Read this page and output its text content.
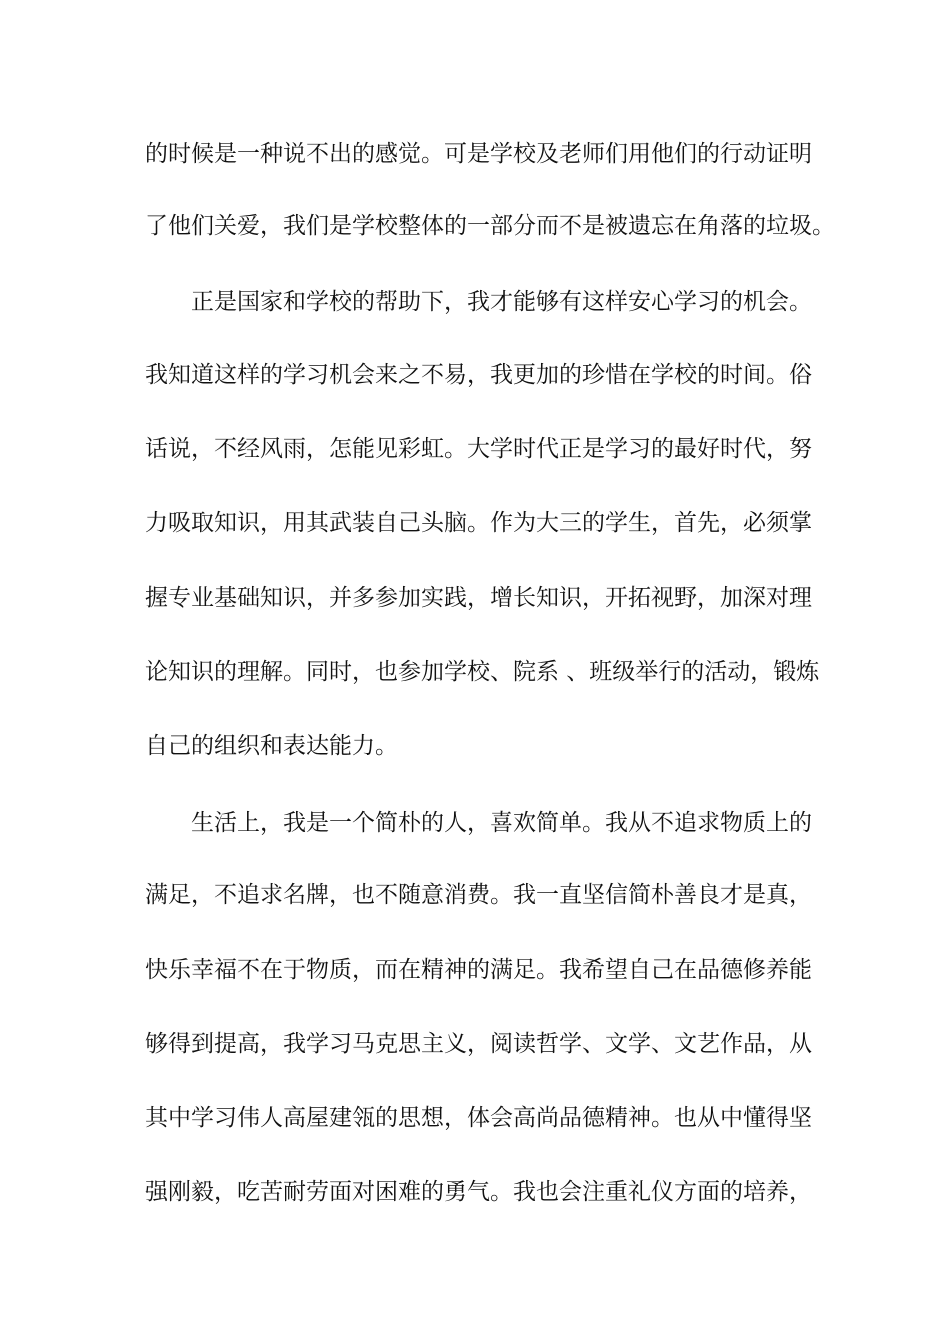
的时候是一种说不出的感觉。可是学校及老师们用他们的行动证明
了他们关爱，我们是学校整体的一部分而不是被遗忘在角落的垃圾。
正是国家和学校的帮助下，我才能够有这样安心学习的机会。
我知道这样的学习机会来之不易，我更加的珍惜在学校的时间。俗
话说，不经风雨，怎能见彩虹。大学时代正是学习的最好时代，努
力吸取知识，用其武装自己头脑。作为大三的学生，首先，必须掌
握专业基础知识，并多参加实践，增长知识，开拓视野，加深对理
论知识的理解。同时，也参加学校、院系 、班级举行的活动，锻炼
自己的组织和表达能力。
生活上，我是一个简朴的人，喜欢简单。我从不追求物质上的
满足，不追求名牌，也不随意消费。我一直坚信简朴善良才是真，
快乐幸福不在于物质，而在精神的满足。我希望自己在品德修养能
够得到提高，我学习马克思主义，阅读哲学、文学、文艺作品，从
其中学习伟人高屋建瓴的思想，体会高尚品德精神。也从中懂得坚
强刚毅，吃苦耐劳面对困难的勇气。我也会注重礼仪方面的培养，
